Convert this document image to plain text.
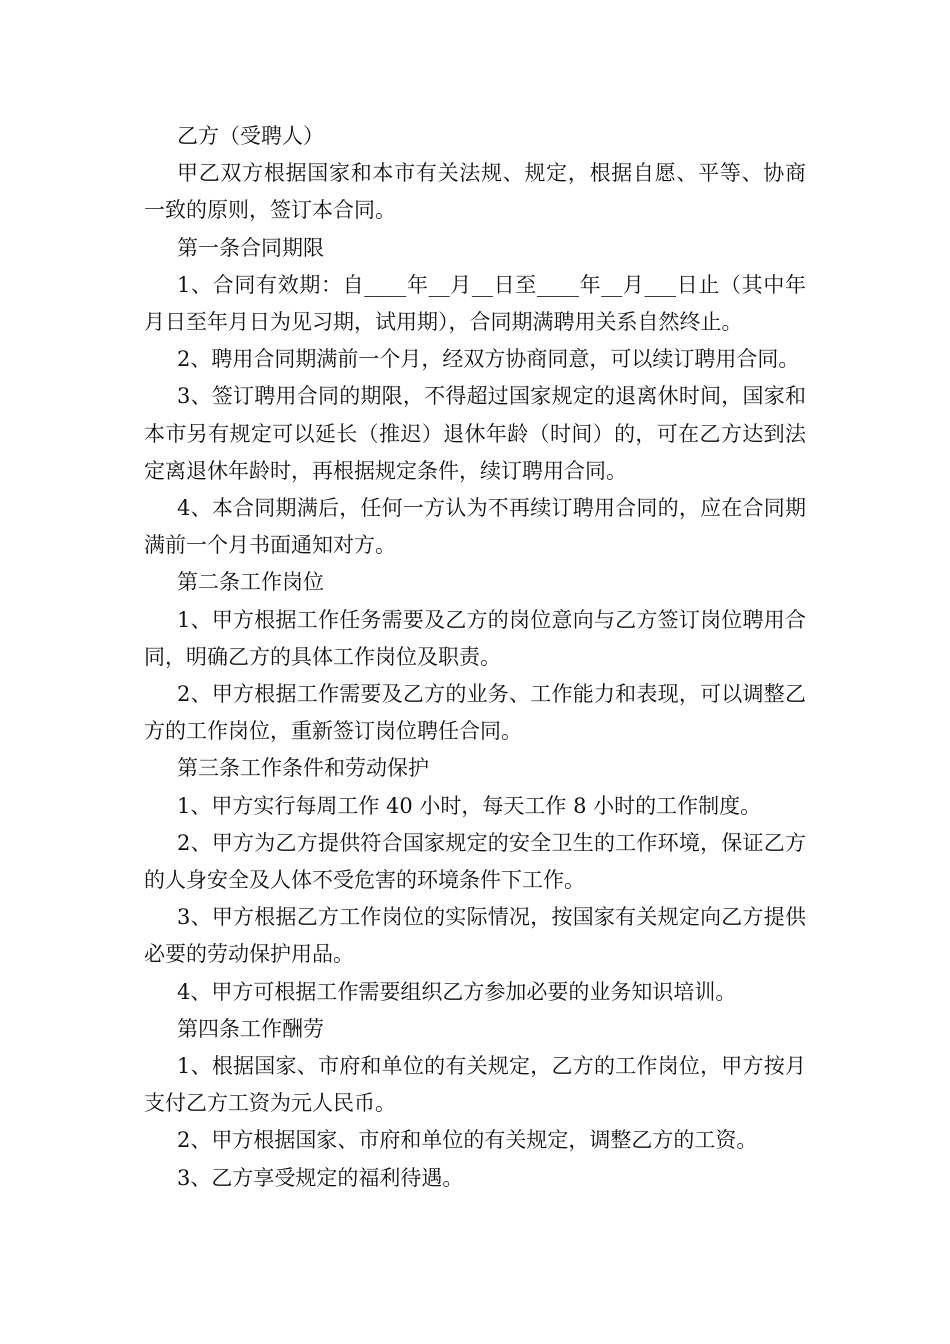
乙方（受聘人）

甲乙双方根据国家和本市有关法规、规定，根据自愿、平等、协商一致的原则，签订本合同。

第一条合同期限

1、合同有效期：自____年__月__日至____年__月___日止（其中年月日至年月日为见习期，试用期），合同期满聘用关系自然终止。

2、聘用合同期满前一个月，经双方协商同意，可以续订聘用合同。

3、签订聘用合同的期限，不得超过国家规定的退离休时间，国家和本市另有规定可以延长（推迟）退休年龄（时间）的，可在乙方达到法定离退休年龄时，再根据规定条件，续订聘用合同。

4、本合同期满后，任何一方认为不再续订聘用合同的，应在合同期满前一个月书面通知对方。

第二条工作岗位

1、甲方根据工作任务需要及乙方的岗位意向与乙方签订岗位聘用合同，明确乙方的具体工作岗位及职责。

2、甲方根据工作需要及乙方的业务、工作能力和表现，可以调整乙方的工作岗位，重新签订岗位聘任合同。

第三条工作条件和劳动保护

1、甲方实行每周工作 40 小时，每天工作 8 小时的工作制度。

2、甲方为乙方提供符合国家规定的安全卫生的工作环境，保证乙方的人身安全及人体不受危害的环境条件下工作。

3、甲方根据乙方工作岗位的实际情况，按国家有关规定向乙方提供必要的劳动保护用品。

4、甲方可根据工作需要组织乙方参加必要的业务知识培训。

第四条工作酬劳

1、根据国家、市府和单位的有关规定，乙方的工作岗位，甲方按月支付乙方工资为元人民币。

2、甲方根据国家、市府和单位的有关规定，调整乙方的工资。

3、乙方享受规定的福利待遇。
